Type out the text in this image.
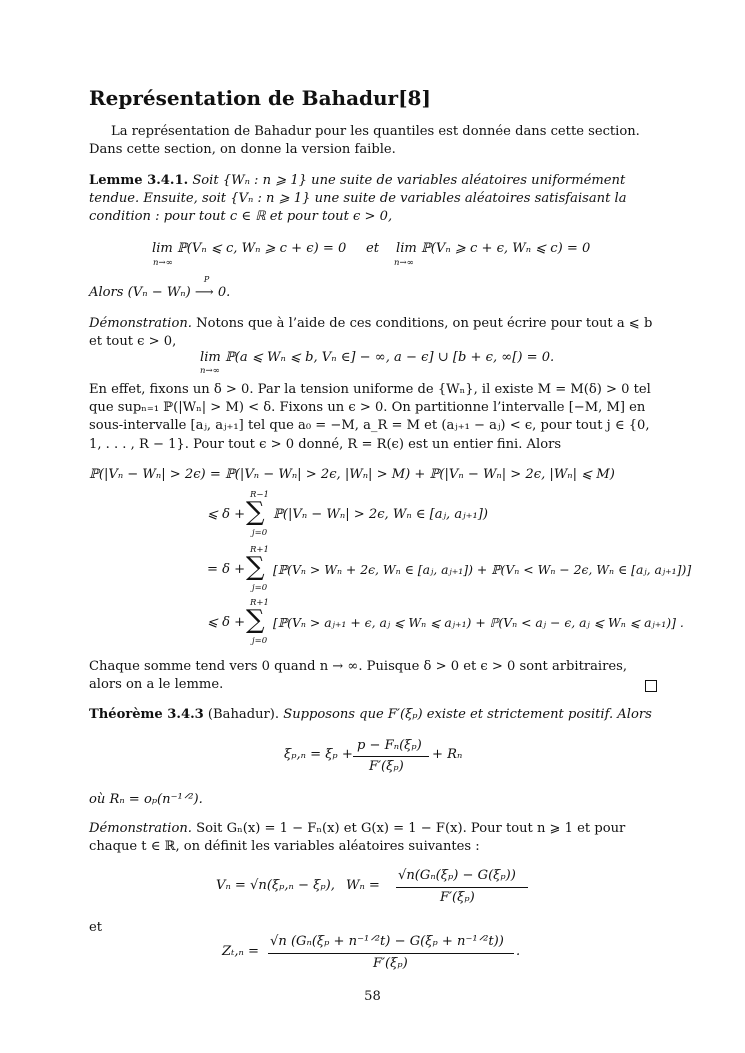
Représentation de Bahadur[8]
La représentation de Bahadur pour les quantiles est donnée dans cette section. Dans cette section, on donne la version faible.
Lemme 3.4.1. Soit {Wₙ : n ⩾ 1} une suite de variables aléatoires uniformément tendue. Ensuite, soit {Vₙ : n ⩾ 1} une suite de variables aléatoires satisfaisant la condition : pour tout c ∈ ℝ et pour tout ϵ > 0,
lim ℙ(Vₙ ⩽ c, Wₙ ⩾ c + ϵ) = 0
n→∞
et lim ℙ(Vₙ ⩾ c + ϵ, Wₙ ⩽ c) = 0
n→∞
Alors (Vₙ − Wₙ)
P
⟶ 0.
Démonstration. Notons que à l’aide de ces conditions, on peut écrire pour tout a ⩽ b et tout ϵ > 0,
lim ℙ(a ⩽ Wₙ ⩽ b, Vₙ ∈] − ∞, a − ϵ] ∪ [b + ϵ, ∞[) = 0.
n→∞
En effet, fixons un δ > 0. Par la tension uniforme de {Wₙ}, il existe M = M(δ) > 0 tel que supₙ₌₁ ℙ(|Wₙ| > M) < δ. Fixons un ϵ > 0. On partitionne l’intervalle [−M, M] en sous-intervalle [aⱼ, aⱼ₊₁] tel que a₀ = −M, a_R = M et (aⱼ₊₁ − aⱼ) < ϵ, pour tout j ∈ {0, 1, . . . , R − 1}. Pour tout ϵ > 0 donné, R = R(ϵ) est un entier fini. Alors
ℙ(|Vₙ − Wₙ| > 2ϵ) = ℙ(|Vₙ − Wₙ| > 2ϵ, |Wₙ| > M) + ℙ(|Vₙ − Wₙ| > 2ϵ, |Wₙ| ⩽ M)
⩽ δ +
R−1
∑
j=0
ℙ(|Vₙ − Wₙ| > 2ϵ, Wₙ ∈ [aⱼ, aⱼ₊₁])
= δ +
R+1
∑
j=0
[ℙ(Vₙ > Wₙ + 2ϵ, Wₙ ∈ [aⱼ, aⱼ₊₁]) + ℙ(Vₙ < Wₙ − 2ϵ, Wₙ ∈ [aⱼ, aⱼ₊₁])]
⩽ δ +
R+1
∑
j=0
[ℙ(Vₙ > aⱼ₊₁ + ϵ, aⱼ ⩽ Wₙ ⩽ aⱼ₊₁) + ℙ(Vₙ < aⱼ − ϵ, aⱼ ⩽ Wₙ ⩽ aⱼ₊₁)] .
Chaque somme tend vers 0 quand n → ∞. Puisque δ > 0 et ϵ > 0 sont arbitraires, alors on a le lemme.
Théorème 3.4.3 (Bahadur). Supposons que F′(ξₚ) existe et strictement positif. Alors
ξₚ,ₙ = ξₚ +
p − Fₙ(ξₚ)
F′(ξₚ)
+ Rₙ
où Rₙ = oₚ(n⁻¹ᐟ²).
Démonstration. Soit Gₙ(x) = 1 − Fₙ(x) et G(x) = 1 − F(x). Pour tout n ⩾ 1 et pour chaque t ∈ ℝ, on définit les variables aléatoires suivantes :
Vₙ = √n(ξₚ,ₙ − ξₚ), Wₙ =
√n(Gₙ(ξₚ) − G(ξₚ))
F′(ξₚ)
et
Zₜ,ₙ =
√n (Gₙ(ξₚ + n⁻¹ᐟ²t) − G(ξₚ + n⁻¹ᐟ²t))
F′(ξₚ)
.
58
